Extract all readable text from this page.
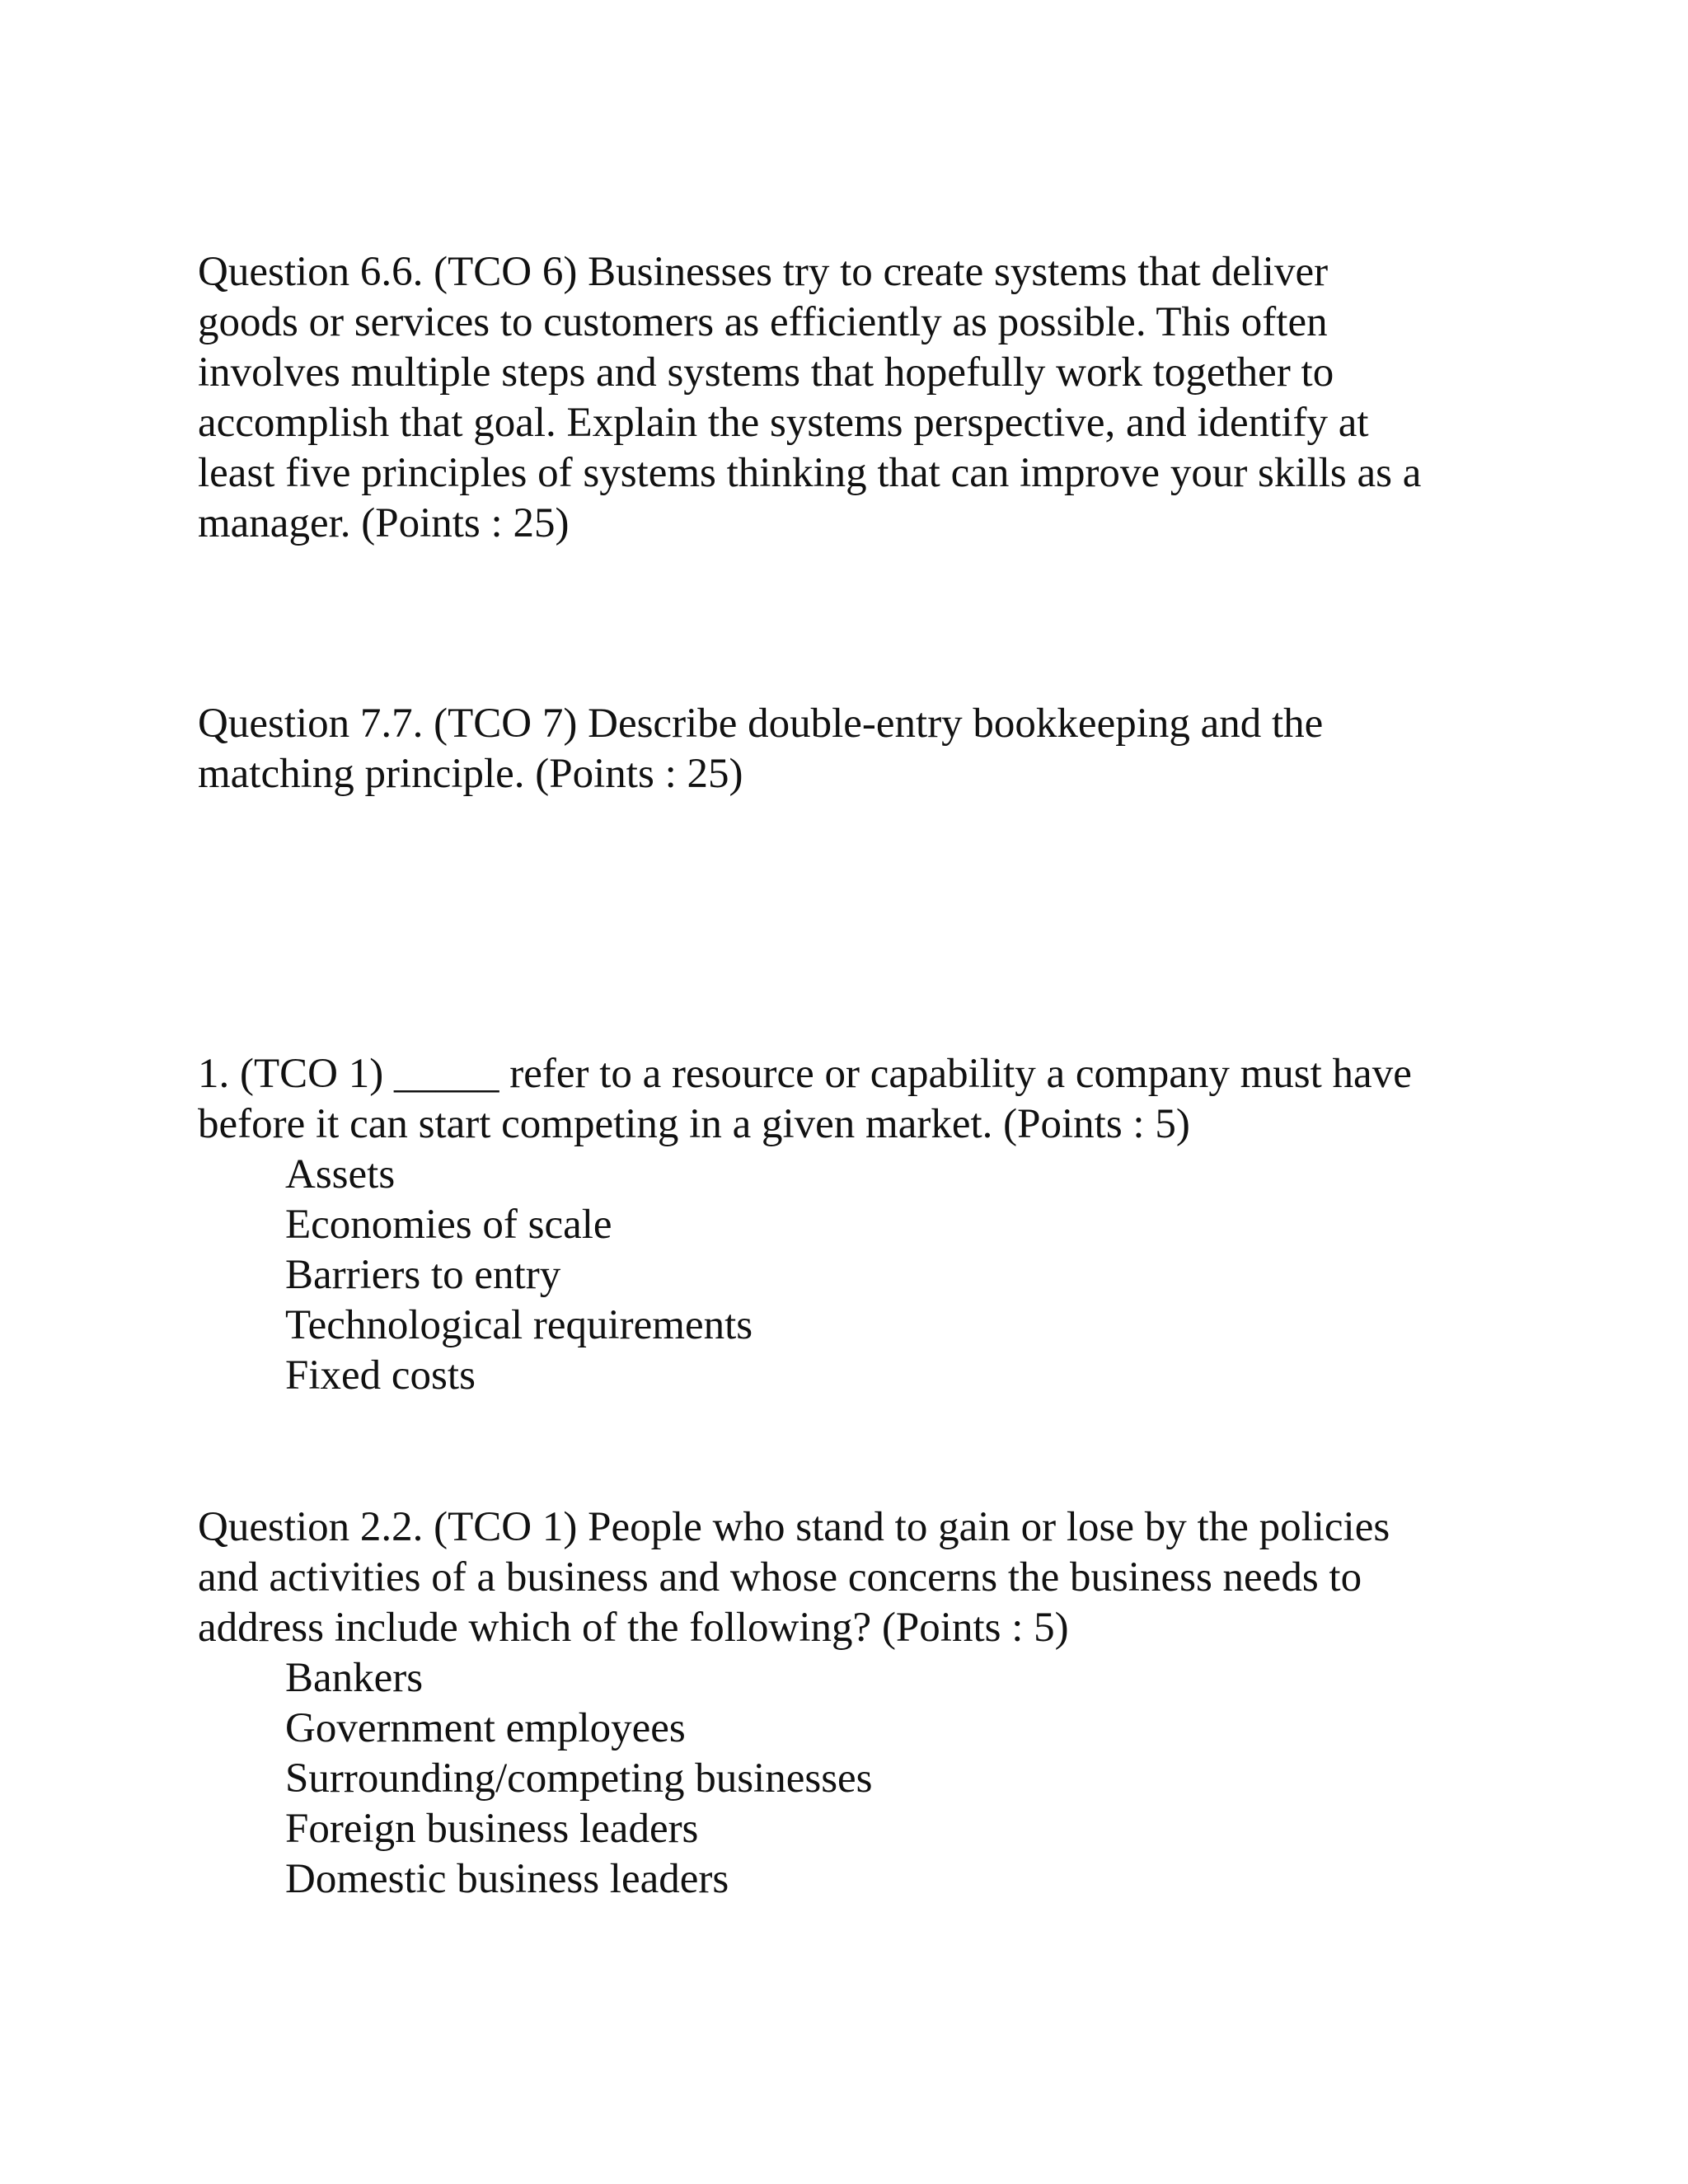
Question 6.6. (TCO 6) Businesses try to create systems that deliver

goods or services to customers as efficiently as possible. This often

involves multiple steps and systems that hopefully work together to

accomplish that goal. Explain the systems perspective, and identify at

least five principles of systems thinking that can improve your skills as a

manager. (Points : 25)

Question 7.7. (TCO 7) Describe double-entry bookkeeping and the

matching principle. (Points : 25)

1. (TCO 1) _____ refer to a resource or capability a company must have

before it can start competing in a given market. (Points : 5)

Assets

Economies of scale

Barriers to entry

Technological requirements

Fixed costs

Question 2.2. (TCO 1) People who stand to gain or lose by the policies

and activities of a business and whose concerns the business needs to

address include which of the following? (Points : 5)

Bankers

Government employees

Surrounding/competing businesses

Foreign business leaders

Domestic business leaders
